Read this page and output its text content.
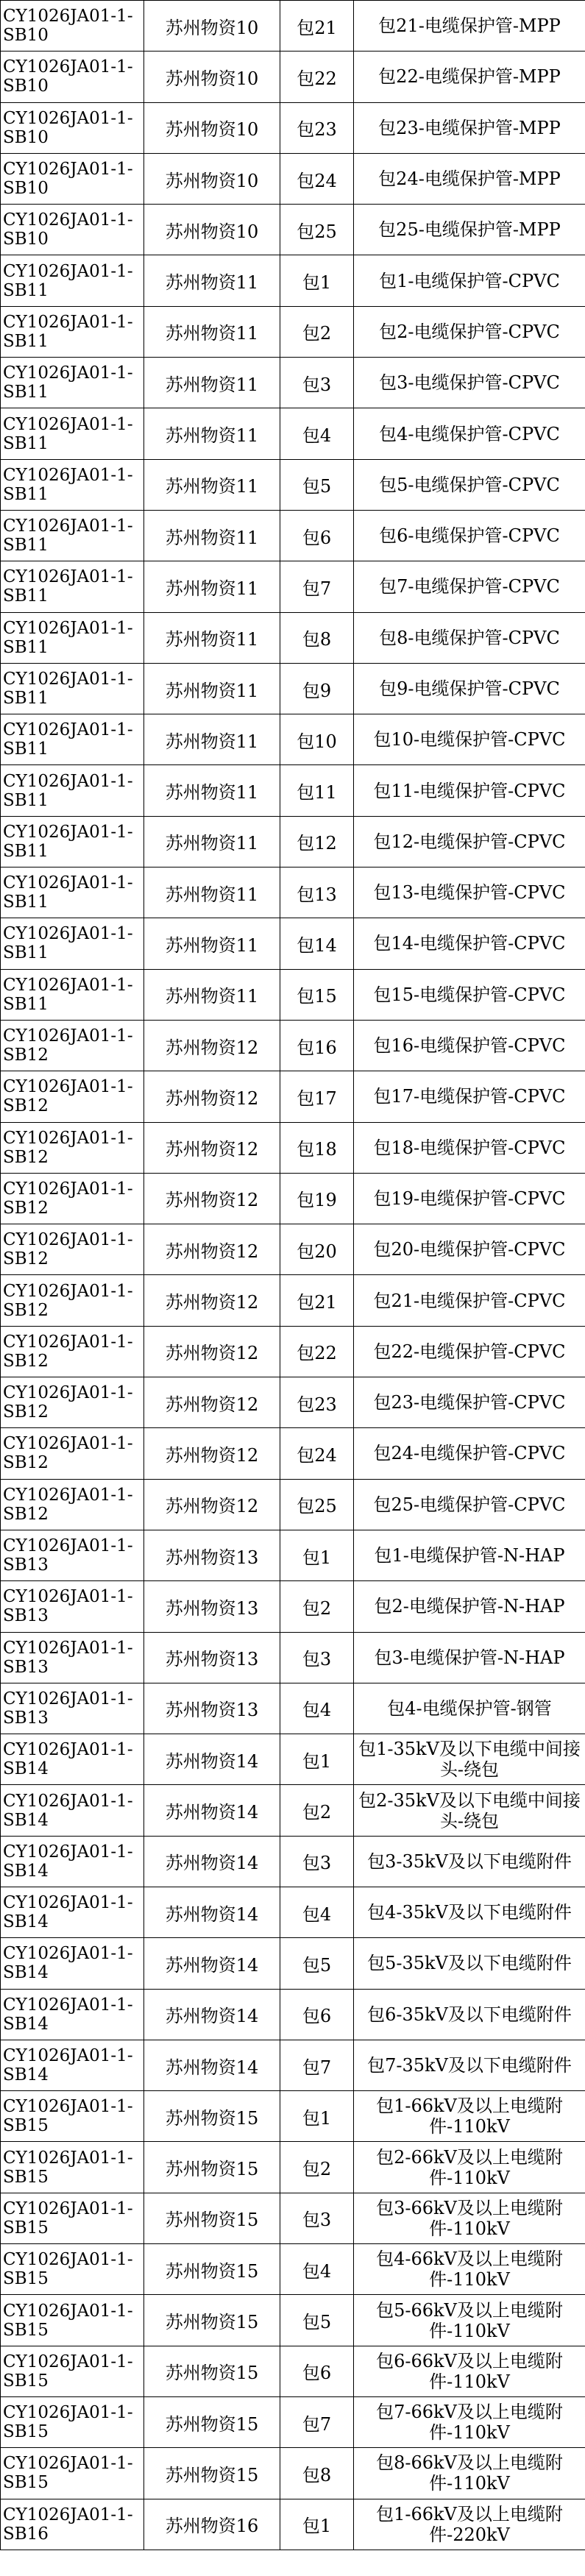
CY1026JA01-1-SB10	苏州物资10	包21	包21-电缆保护管-MPP
CY1026JA01-1-SB10	苏州物资10	包22	包22-电缆保护管-MPP
CY1026JA01-1-SB10	苏州物资10	包23	包23-电缆保护管-MPP
CY1026JA01-1-SB10	苏州物资10	包24	包24-电缆保护管-MPP
CY1026JA01-1-SB10	苏州物资10	包25	包25-电缆保护管-MPP
CY1026JA01-1-SB11	苏州物资11	包1	包1-电缆保护管-CPVC
CY1026JA01-1-SB11	苏州物资11	包2	包2-电缆保护管-CPVC
CY1026JA01-1-SB11	苏州物资11	包3	包3-电缆保护管-CPVC
CY1026JA01-1-SB11	苏州物资11	包4	包4-电缆保护管-CPVC
CY1026JA01-1-SB11	苏州物资11	包5	包5-电缆保护管-CPVC
CY1026JA01-1-SB11	苏州物资11	包6	包6-电缆保护管-CPVC
CY1026JA01-1-SB11	苏州物资11	包7	包7-电缆保护管-CPVC
CY1026JA01-1-SB11	苏州物资11	包8	包8-电缆保护管-CPVC
CY1026JA01-1-SB11	苏州物资11	包9	包9-电缆保护管-CPVC
CY1026JA01-1-SB11	苏州物资11	包10	包10-电缆保护管-CPVC
CY1026JA01-1-SB11	苏州物资11	包11	包11-电缆保护管-CPVC
CY1026JA01-1-SB11	苏州物资11	包12	包12-电缆保护管-CPVC
CY1026JA01-1-SB11	苏州物资11	包13	包13-电缆保护管-CPVC
CY1026JA01-1-SB11	苏州物资11	包14	包14-电缆保护管-CPVC
CY1026JA01-1-SB11	苏州物资11	包15	包15-电缆保护管-CPVC
CY1026JA01-1-SB12	苏州物资12	包16	包16-电缆保护管-CPVC
CY1026JA01-1-SB12	苏州物资12	包17	包17-电缆保护管-CPVC
CY1026JA01-1-SB12	苏州物资12	包18	包18-电缆保护管-CPVC
CY1026JA01-1-SB12	苏州物资12	包19	包19-电缆保护管-CPVC
CY1026JA01-1-SB12	苏州物资12	包20	包20-电缆保护管-CPVC
CY1026JA01-1-SB12	苏州物资12	包21	包21-电缆保护管-CPVC
CY1026JA01-1-SB12	苏州物资12	包22	包22-电缆保护管-CPVC
CY1026JA01-1-SB12	苏州物资12	包23	包23-电缆保护管-CPVC
CY1026JA01-1-SB12	苏州物资12	包24	包24-电缆保护管-CPVC
CY1026JA01-1-SB12	苏州物资12	包25	包25-电缆保护管-CPVC
CY1026JA01-1-SB13	苏州物资13	包1	包1-电缆保护管-N-HAP
CY1026JA01-1-SB13	苏州物资13	包2	包2-电缆保护管-N-HAP
CY1026JA01-1-SB13	苏州物资13	包3	包3-电缆保护管-N-HAP
CY1026JA01-1-SB13	苏州物资13	包4	包4-电缆保护管-钢管
CY1026JA01-1-SB14	苏州物资14	包1	包1-35kV及以下电缆中间接头-绕包
CY1026JA01-1-SB14	苏州物资14	包2	包2-35kV及以下电缆中间接头-绕包
CY1026JA01-1-SB14	苏州物资14	包3	包3-35kV及以下电缆附件
CY1026JA01-1-SB14	苏州物资14	包4	包4-35kV及以下电缆附件
CY1026JA01-1-SB14	苏州物资14	包5	包5-35kV及以下电缆附件
CY1026JA01-1-SB14	苏州物资14	包6	包6-35kV及以下电缆附件
CY1026JA01-1-SB14	苏州物资14	包7	包7-35kV及以下电缆附件
CY1026JA01-1-SB15	苏州物资15	包1	包1-66kV及以上电缆附件-110kV
CY1026JA01-1-SB15	苏州物资15	包2	包2-66kV及以上电缆附件-110kV
CY1026JA01-1-SB15	苏州物资15	包3	包3-66kV及以上电缆附件-110kV
CY1026JA01-1-SB15	苏州物资15	包4	包4-66kV及以上电缆附件-110kV
CY1026JA01-1-SB15	苏州物资15	包5	包5-66kV及以上电缆附件-110kV
CY1026JA01-1-SB15	苏州物资15	包6	包6-66kV及以上电缆附件-110kV
CY1026JA01-1-SB15	苏州物资15	包7	包7-66kV及以上电缆附件-110kV
CY1026JA01-1-SB15	苏州物资15	包8	包8-66kV及以上电缆附件-110kV
CY1026JA01-1-SB16	苏州物资16	包1	包1-66kV及以上电缆附件-220kV
